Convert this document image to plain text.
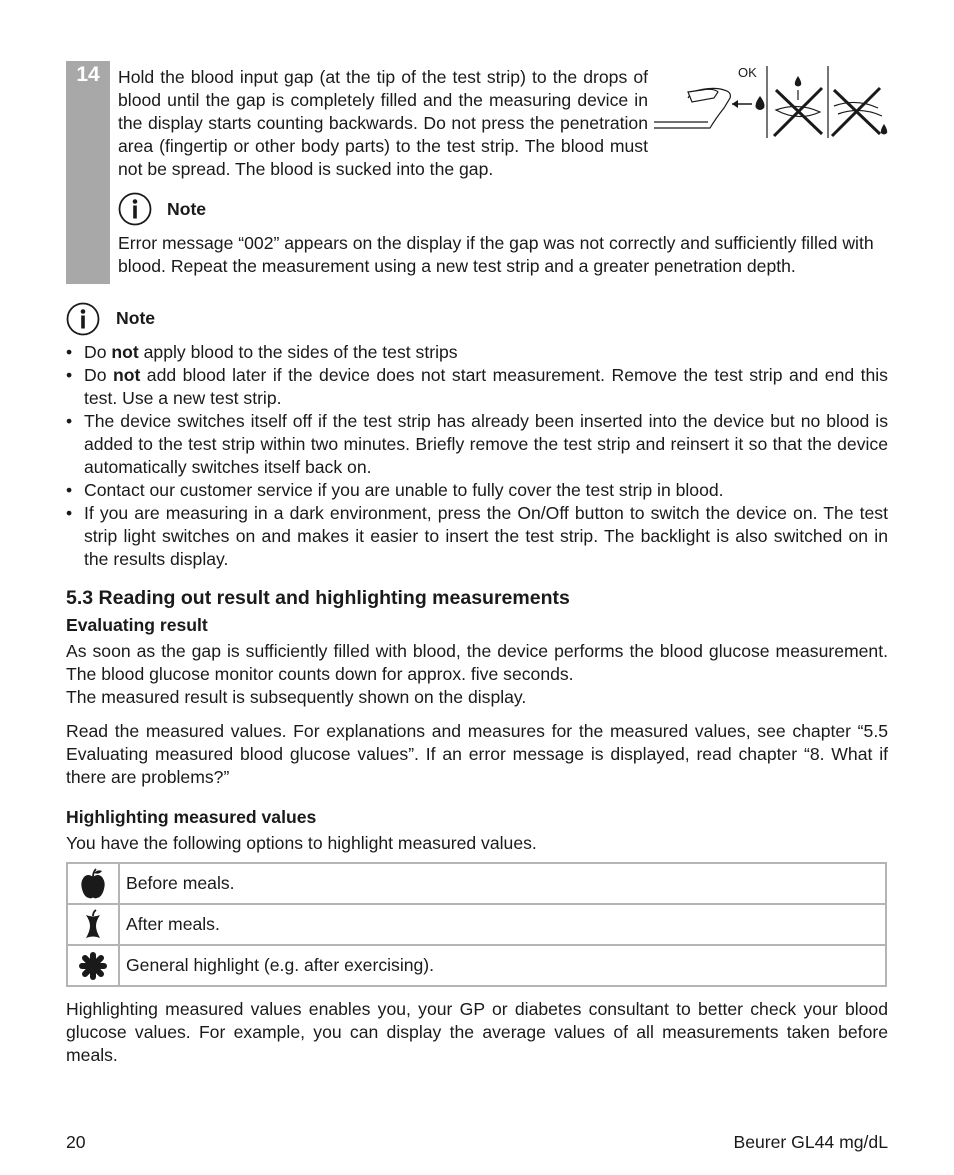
14	Hold the blood input gap (at the tip of the test strip) to the drops of blood until the gap is completely filled and the measuring device in the display starts counting backwards. Do not press the penetration area (fingertip or other body parts) to the test strip. The blood must not be spread. The blood is sucked into the gap.

OK
Note

Error message “002” appears on the display if the gap was not correctly and sufficiently filled with blood. Repeat the measurement using a new test strip and a greater penetration depth.

Note
• Do not apply blood to the sides of the test strips
• Do not add blood later if the device does not start measurement. Remove the test strip and end this test. Use a new test strip.
• The device switches itself off if the test strip has already been inserted into the device but no blood is added to the test strip within two minutes. Briefly remove the test strip and reinsert it so that the device automatically switches itself back on.
• Contact our customer service if you are unable to fully cover the test strip in blood.
• If you are measuring in a dark environment, press the On/Off button to switch the device on. The test strip light switches on and makes it easier to insert the test strip. The backlight is also switched on in the results display.
5.3 Reading out result and highlighting measurements
Evaluating result

As soon as the gap is sufficiently filled with blood, the device performs the blood glucose measurement. The blood glucose monitor counts down for approx. five seconds.

The measured result is subsequently shown on the display.

Read the measured values. For explanations and measures for the measured values, see chapter “5.5 Evaluating measured blood glucose values”. If an error message is displayed, read chapter “8. What if there are problems?”

Highlighting measured values

You have the following options to highlight measured values.

	Before meals.
	After meals.
	General highlight (e.g. after exercising).

Highlighting measured values enables you, your GP or diabetes consultant to better check your blood glucose values. For example, you can display the average values of all measurements taken before meals.

20	Beurer GL44 mg/dL
